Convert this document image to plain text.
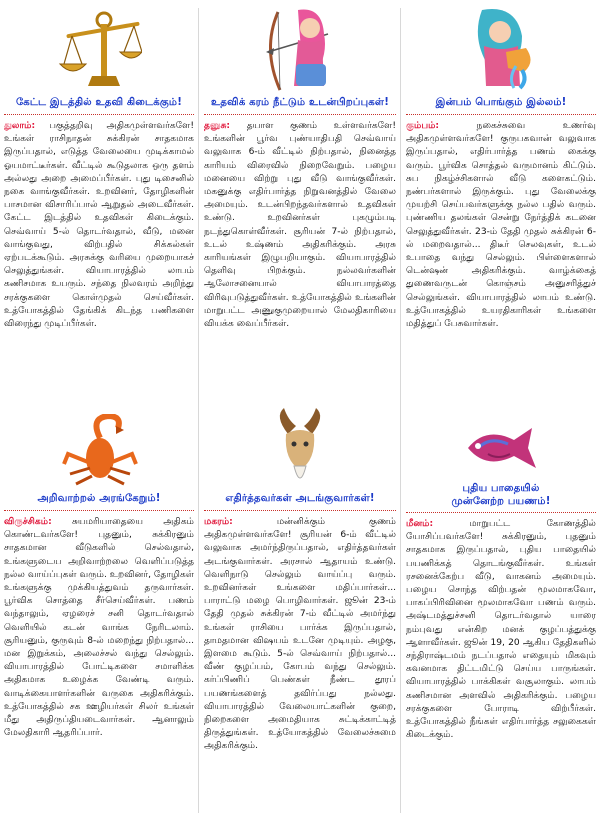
கேட்ட இடத்தில் உதவி கிடைக்கும்!	உதவிக் கரம் நீட்டும் உடன்பிறப்புகள்!	இன்பம் பொங்கும் இல்லம்!
துலாம்: பகுத்தறிவு அதிகமுள்ளவர்களே! உங்கள் ராசிநாதன் சுக்கிரன் சாதகமாக இருப்பதால், எடுத்த வேலையை முடிக்காமல் ஓயமாட்டீர்கள். வீட்டில் கூடுதலாக ஒரு தளம் அல்லது அறை அமைப்பீர்கள். புது டிசைனில் நகை வாங்குவீர்கள். உறவினர், தோழிகளின் பாசமான விசாரிப்பால் ஆறுதல் அடைவீர்கள். கேட்ட இடத்தில் உதவிகள் கிடைக்கும். செவ்வாய் 5-ல் தொடர்வதால், வீடு, மனை வாங்குவது, விற்பதில் சிக்கல்கள் ஏற்படக்கூடும். அரசுக்கு வரியை முறையாகச் செலுத்துங்கள். வியாபாரத்தில் லாபம் கணிசமாக உயரும். சந்தை நிலவரம் அறிந்து சரக்குகளை கொள்முதல் செய்வீர்கள். உத்யோகத்தில் தேங்கிக் கிடந்த பணிகளை விரைந்து முடிப்பீர்கள்.
தனுசு: தயாள குணம் உள்ளவர்களே! உங்களின் பூர்வ புண்யாதிபதி செவ்வாய் வலுவாக 6-ம் வீட்டில் நிற்பதால், நினைத்த காரியம் விரைவில் நிறைவேறும். பழைய மனையை விற்று புது வீடு வாங்குவீர்கள். மகனுக்கு எதிர்பார்த்த நிறுவனத்தில் வேலை அமையும். உடன்பிறந்தவர்களால் உதவிகள் உண்டு. உறவினர்கள் புகழும்படி நடந்துகொள்வீர்கள். சூரியன் 7-ல் நிற்பதால், உடல் உஷ்ணம் அதிகரிக்கும். அரசு காரியங்கள் இழுபறியாகும். வியாபாரத்தில் தெளிவு பிறக்கும். நல்லவர்களின் ஆலோசனையால் வியாபாரத்தை விரிவுபடுத்துவீர்கள். உத்யோகத்தில் உங்களின் மாறுபட்ட அணுகுமுறையால் மேலதிகாரியை வியக்க வைப்பீர்கள்.
கும்பம்:	நகைச்சுவை உணர்வு அதிகமுள்ளவர்களே! குருபகவான் வலுவாக இருப்பதால், எதிர்பார்த்த பணம் கைக்கு வரும். பூர்விக சொத்தல் வருமானம் கிட்டும். சுப நிகழ்ச்சிகளால் வீடு களைகட்டும். நண்பர்களால் இருக்கும். புது வேலைக்கு முயற்சி செய்பவர்களுக்கு நல்ல பதில் வரும். புண்ணிய தலங்கள் சென்று நேர்த்திக் கடனை செலுத்துவீர்கள். 23-ம் தேதி முதல் சுக்கிரன் 6-ல் மறைவதால்... திடீர் செலவுகள், உடல் உபாதை வந்து செல்லும். பிள்ளைகளால் டென்ஷன் அதிகரிக்கும். வாழ்க்கைத் துணைவருடன் கொஞ்சம் அனுசரித்துச் செல்லுங்கள். வியாபாரத்தில் லாபம் உண்டு. உத்யோகத்தில் உயரதிகாரிகள் உங்களை மதித்துப் பேசுவார்கள்.
அறிவாற்றல் அரங்கேறும்!	எதிர்த்தவர்கள் அடங்குவார்கள்!
புதிய பாதையில்
முன்னேற்ற பயணம்!
விருச்சிகம்: சுயமரியாதையை அதிகம் கொண்டவர்களே! புதனும், சுக்கிரனும் சாதகமான வீடுகளில் செல்வதால், உங்களுடைய அறிவாற்றலை வெளிப்படுத்த நல்ல வாய்ப்புகள் வரும். உறவினர், தோழிகள் உங்களுக்கு முக்கியத்துவம் தருவார்கள். பூர்விக சொத்தை சீர்செய்வீர்கள். பணம் வந்தாலும், ஏழரைச் சனி தொடர்வதால் வெளியில் கடன் வாங்க நேரிடலாம். சூரியனும், குருவும் 8-ல் மறைந்து நிற்பதால்... மன இறுக்கம், அலைச்சல் வந்து செல்லும். வியாபாரத்தில் போட்டிகளை சமாளிக்க அதிகமாக உழைக்க வேண்டி வரும். வாடிக்கையாளர்களின் வருகை அதிகரிக்கும். உத்யோகத்தில் சக ஊழியர்கள் சிலர் உங்கள் மீது அதிருப்தியடைவார்கள். ஆனாலும் மேலதிகாரி ஆதரிப்பார்.
மகரம்:	மன்னிக்கும் குணம் அதிகமுள்ளவர்களே! சூரியன் 6-ம் வீட்டில் வலுவாக அமர்ந்திருப்பதால், எதிர்த்தவர்கள் அடங்குவார்கள். அரசால் ஆதாயம் உண்டு. வெளிநாடு செல்லும் வாய்ப்பு வரும். உறவினர்கள் உங்களை மதிப்பார்கள்... பாராட்டு மழை பொழிவார்கள். ஜூன் 23-ம் தேதி முதல் சுக்கிரன் 7-ம் வீட்டில் அமர்ந்து உங்கள் ராசியை பார்க்க இருப்பதால், தாமதமான விஷயம் உடனே முடியும். அழகு, இளமை கூடும். 5-ல் செவ்வாய் நிற்பதால்... வீண் குழப்பம், கோபம் வந்து செல்லும். கர்ப்பிணிப் பெண்கள் நீண்ட தூரப் பயணங்களைத் தவிர்ப்பது நல்லது. வியாபாரத்தில் வேலையாட்களின் குறை, நிறைகளை அமைதியாக சுட்டிக்காட்டித் திருத்துங்கள். உத்யோகத்தில் வேலைச்சுமை அதிகரிக்கும்.
மீனம்:	மாறுபட்ட கோணத்தில் யோசிப்பவர்களே! சுக்கிரனும், புதனும் சாதகமாக இருப்பதால், புதிய பாதையில் பயணிக்கத் தொடங்குவீர்கள். உங்கள் ரசனைக்கேற்ப வீடு, வாகனம் அமையும். பழைய சொந்த விற்பதன் மூலமாகவோ, பாகப்பிரிவினை மூலமாகவோ பணம் வரும். அஷ்டமத்துச்சனி தொடர்வதால் யாரை நம்புவது என்கிற மனக் குழப்பத்துக்கு ஆளாவீர்கள். ஜூன் 19, 20 ஆகிய தேதிகளில் சந்திராஷ்டமம் நடப்பதால் எதையும் மிகவும் கவனமாக திட்டமிட்டு செய்ய பாருங்கள். வியாபாரத்தில் பாக்கிகள் வசூலாகும். லாபம் கணிசமான அளவில் அதிகரிக்கும். பழைய சரக்குகளை போராடி விற்பீர்கள். உத்யோகத்தில் நீங்கள் எதிர்பார்த்த சலுகைகள் கிடைக்கும்.
